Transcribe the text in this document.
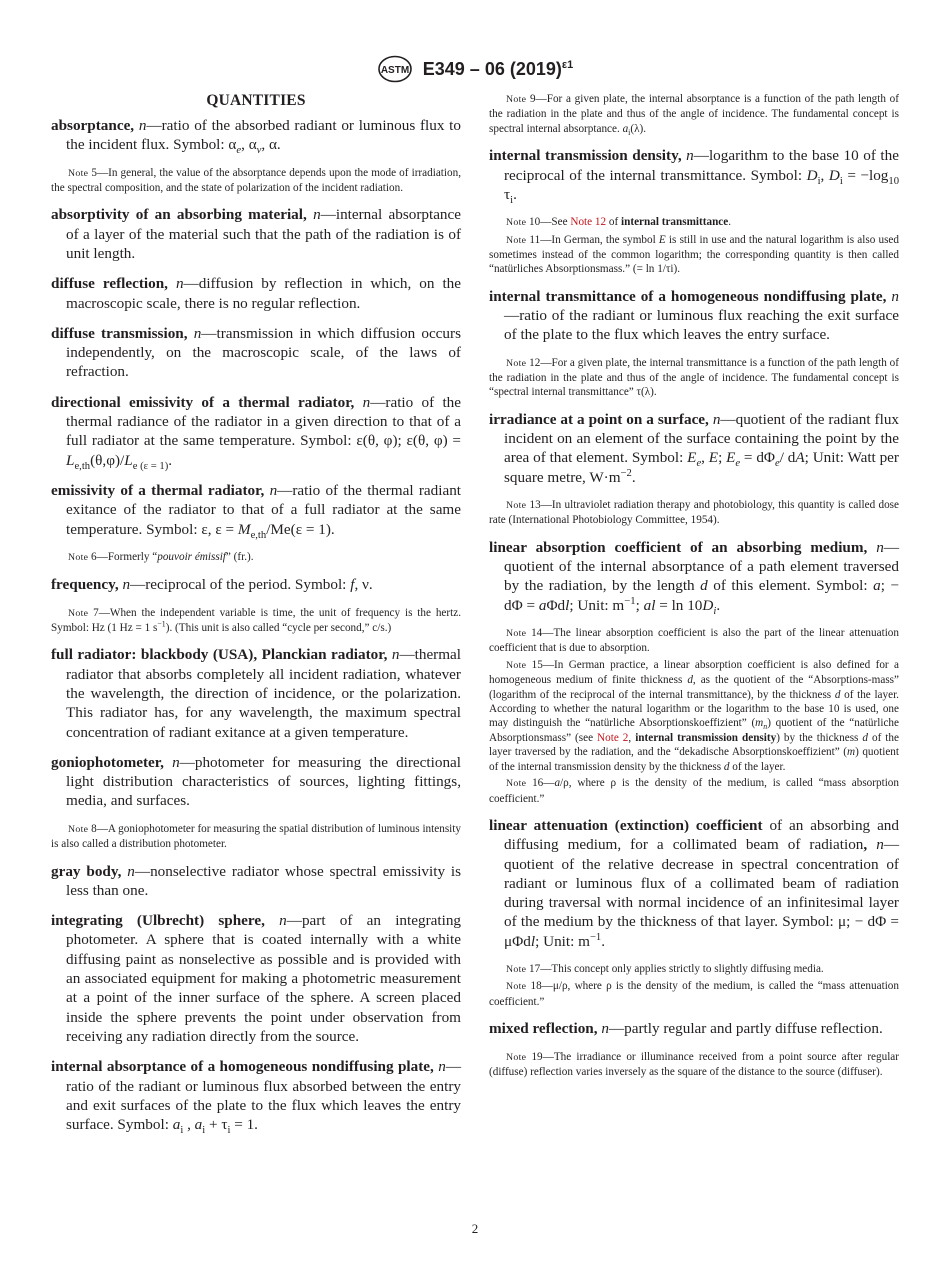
ASTM E349 – 06 $(2019)^{\varepsilon 1}$
QUANTITIES

absorptance, n—ratio of the absorbed radiant or luminous flux to the incident flux. Symbol: $\alpha_e$, $\alpha_v$, α.

Note 5—In general, the value of the absorptance depends upon the mode of irradiation, the spectral composition, and the state of polarization of the incident radiation.

absorptivity of an absorbing material, n—internal absorptance of a layer of the material such that the path of the radiation is of unit length.

diffuse reflection, n—diffusion by reflection in which, on the macroscopic scale, there is no regular reflection.

diffuse transmission, n—transmission in which diffusion occurs independently, on the macroscopic scale, of the laws of refraction.

directional emissivity of a thermal radiator, n—ratio of the thermal radiance of the radiator in a given direction to that of a full radiator at the same temperature. Symbol: ε(θ, φ); ε(θ, $\varphi) = L_{e,th}(\theta,\varphi)/L_{e (\varepsilon = 1)}$.

emissivity of a thermal radiator, n—ratio of the thermal radiant exitance of the radiator to that of a full radiator at the same temperature. Symbol: ε, $\varepsilon = M_{e,th}/Me(\varepsilon = 1)$.

Note 6—Formerly “pouvoir émissif” (fr.).

frequency, n—reciprocal of the period. Symbol: f, ν.

Note 7—When the independent variable is time, the unit of frequency is the hertz. Symbol: Hz (1 Hz = 1 $s^{-1}$). (This unit is also called “cycle per second,” c/s.)

full radiator: blackbody (USA), Planckian radiator, n—thermal radiator that absorbs completely all incident radiation, whatever the wavelength, the direction of incidence, or the polarization. This radiator has, for any wavelength, the maximum spectral concentration of radiant exitance at a given temperature.

goniophotometer, n—photometer for measuring the directional light distribution characteristics of sources, lighting fittings, media, and surfaces.

Note 8—A goniophotometer for measuring the spatial distribution of luminous intensity is also called a distribution photometer.

gray body, n—nonselective radiator whose spectral emissivity is less than one.

integrating (Ulbrecht) sphere, n—part of an integrating photometer. A sphere that is coated internally with a white diffusing paint as nonselective as possible and is provided with an associated equipment for making a photometric measurement at a point of the inner surface of the sphere. A screen placed inside the sphere prevents the point under observation from receiving any radiation directly from the source.

internal absorptance of a homogeneous nondiffusing plate, n—ratio of the radiant or luminous flux absorbed between the entry and exit surfaces of the plate to the flux which leaves the entry surface. Symbol: $a_i$ , $a_i + \tau_i = 1$.

Note 9—For a given plate, the internal absorptance is a function of the path length of the radiation in the plate and thus of the angle of incidence. The fundamental concept is spectral internal absorptance. $a_i(\lambda)$.

internal transmission density, n—logarithm to the base 10 of the reciprocal of the internal transmittance. Symbol: $D_i$, $D_i = -\log_{10}$ $\tau_i$.

Note 10—See Note 12 of internal transmittance.

Note 11—In German, the symbol E is still in use and the natural logarithm is also used sometimes instead of the common logarithm; the corresponding quantity is then called “natürliches Absorptionsmass.” (= ln 1/τi).

internal transmittance of a homogeneous nondiffusing plate, n—ratio of the radiant or luminous flux reaching the exit surface of the plate to the flux which leaves the entry surface.

Note 12—For a given plate, the internal transmittance is a function of the path length of the radiation in the plate and thus of the angle of incidence. The fundamental concept is “spectral internal transmittance” τ(λ).

irradiance at a point on a surface, n—quotient of the radiant flux incident on an element of the surface containing the point by the area of that element. Symbol: $E_e$, E; $E_e = d\Phi_e/$ dA; Unit: Watt per square metre, $W\cdot m^{-2}$.

Note 13—In ultraviolet radiation therapy and photobiology, this quantity is called dose rate (International Photobiology Committee, 1954).

linear absorption coefficient of an absorbing medium, n—quotient of the internal absorptance of a path element traversed by the radiation, by the length d of this element. Symbol: a; − dΦ = aΦdl; Unit: $m^{-1}$; al = $\ln 10D_i$.

Note 14—The linear absorption coefficient is also the part of the linear attenuation coefficient that is due to absorption.

Note 15—In German practice, a linear absorption coefficient is also defined for a homogeneous medium of finite thickness d, as the quotient of the “Absorptions-mass” (logarithm of the reciprocal of the internal transmittance), by the thickness d of the layer. According to whether the natural logarithm or the logarithm to the base 10 is used, one may distinguish the “natürliche Absorptionskoeffizient” $(m_n)$ quotient of the “natürliche Absorptionsmass” (see Note 2, internal transmission density) by the thickness d of the layer traversed by the radiation, and the “dekadische Absorptionskoeffizient” (m) quotient of the internal transmission density by the thickness d of the layer.

Note 16—a/ρ, where ρ is the density of the medium, is called “mass absorption coefficient.”

linear attenuation (extinction) coefficient of an absorbing and diffusing medium, for a collimated beam of radiation, n—quotient of the relative decrease in spectral concentration of radiant or luminous flux of a collimated beam of radiation during traversal with normal incidence of an infinitesimal layer of the medium by the thickness of that layer. Symbol: μ; − dΦ = μΦdl; Unit: $m^{-1}$.

Note 17—This concept only applies strictly to slightly diffusing media.

Note 18—μ/ρ, where ρ is the density of the medium, is called the “mass attenuation coefficient.”

mixed reflection, n—partly regular and partly diffuse reflection.

Note 19—The irradiance or illuminance received from a point source after regular (diffuse) reflection varies inversely as the square of the distance to the source (diffuser).

2
